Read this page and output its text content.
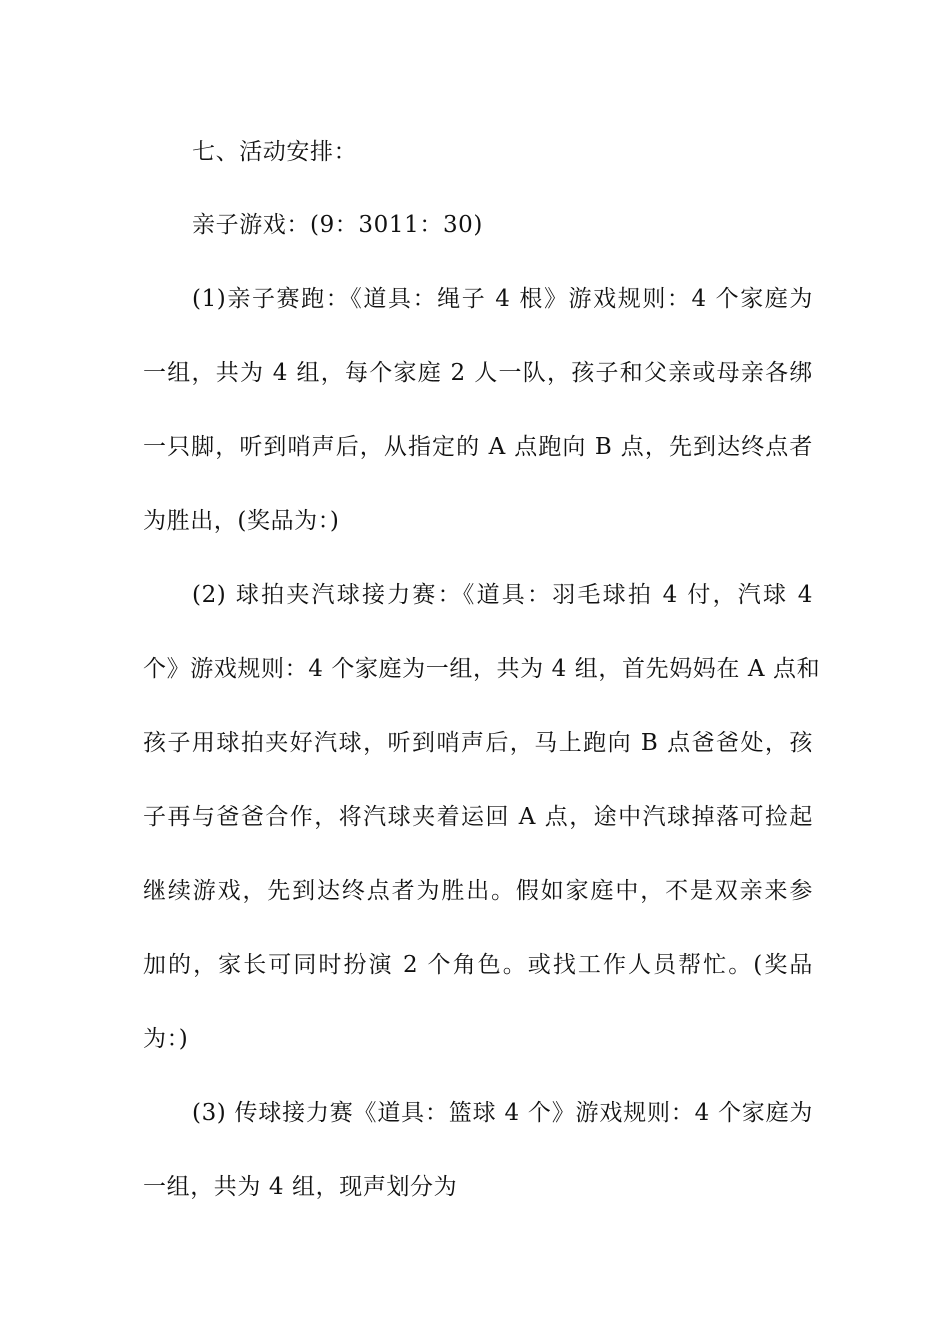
七、活动安排：
亲子游戏：(9：3011：30)
(1)亲子赛跑：《道具：绳子 4 根》游戏规则：4 个家庭为
一组，共为 4 组，每个家庭 2 人一队，孩子和父亲或母亲各绑
一只脚，听到哨声后，从指定的 A 点跑向 B 点，先到达终点者
为胜出，(奖品为：)
(2) 球拍夹汽球接力赛：《道具：羽毛球拍 4 付，汽球 4
个》游戏规则：4 个家庭为一组，共为 4 组，首先妈妈在 A 点和
孩子用球拍夹好汽球，听到哨声后，马上跑向 B 点爸爸处，孩
子再与爸爸合作，将汽球夹着运回 A 点，途中汽球掉落可捡起
继续游戏，先到达终点者为胜出。假如家庭中，不是双亲来参
加的，家长可同时扮演 2 个角色。或找工作人员帮忙。(奖品
为：)
(3) 传球接力赛《道具：篮球 4 个》游戏规则：4 个家庭为
一组，共为 4 组，现声划分为
